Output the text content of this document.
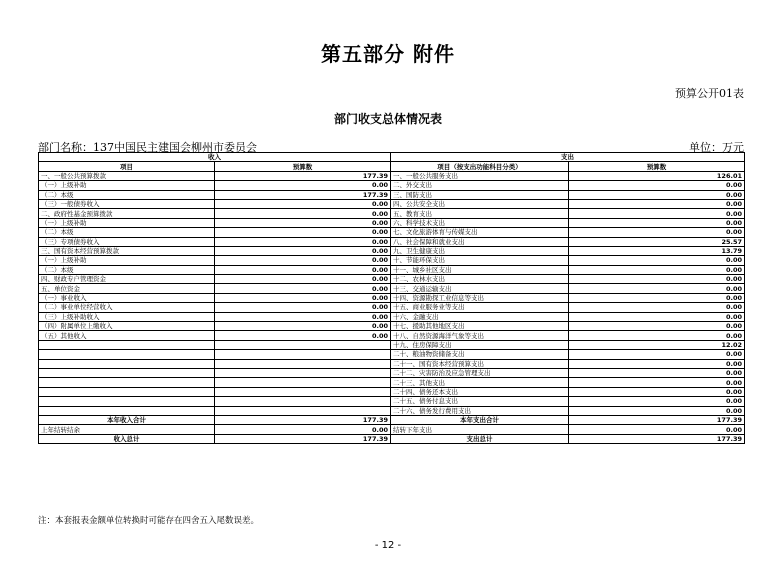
第五部分 附件
预算公开01表
部门收支总体情况表
部门名称：137中国民主建国会柳州市委员会	单位：万元
收入		支出	
项目	预算数	项目（按支出功能科目分类）	预算数
一、一般公共预算拨款	177.39	一、一般公共服务支出	126.01
（一）上级补助	0.00	二、外交支出	0.00
（二）本级	177.39	三、国防支出	0.00
（三）一般债券收入	0.00	四、公共安全支出	0.00
二、政府性基金预算拨款	0.00	五、教育支出	0.00
（一）上级补助	0.00	六、科学技术支出	0.00
（二）本级	0.00	七、文化旅游体育与传媒支出	0.00
（三）专项债券收入	0.00	八、社会保障和就业支出	25.57
三、国有资本经营预算拨款	0.00	九、卫生健康支出	13.79
（一）上级补助	0.00	十、节能环保支出	0.00
（二）本级	0.00	十一、城乡社区支出	0.00
四、财政专户管理资金	0.00	十二、农林水支出	0.00
五、单位资金	0.00	十三、交通运输支出	0.00
（一）事业收入	0.00	十四、资源勘探工业信息等支出	0.00
（二）事业单位经营收入	0.00	十五、商业服务业等支出	0.00
（三）上级补助收入	0.00	十六、金融支出	0.00
（四）附属单位上缴收入	0.00	十七、援助其他地区支出	0.00
（五）其他收入	0.00	十八、自然资源海洋气象等支出	0.00
		十九、住房保障支出	12.02
		二十、粮油物资储备支出	0.00
		二十一、国有资本经营预算支出	0.00
		二十二、灾害防治及应急管理支出	0.00
		二十三、其他支出	0.00
		二十四、债务还本支出	0.00
		二十五、债务付息支出	0.00
		二十六、债务发行费用支出	0.00
本年收入合计	177.39	本年支出合计	177.39
上年结转结余	0.00	结转下年支出	0.00
收入总计	177.39	支出总计	177.39
注：本套报表金额单位转换时可能存在四舍五入尾数误差。
- 12 -
